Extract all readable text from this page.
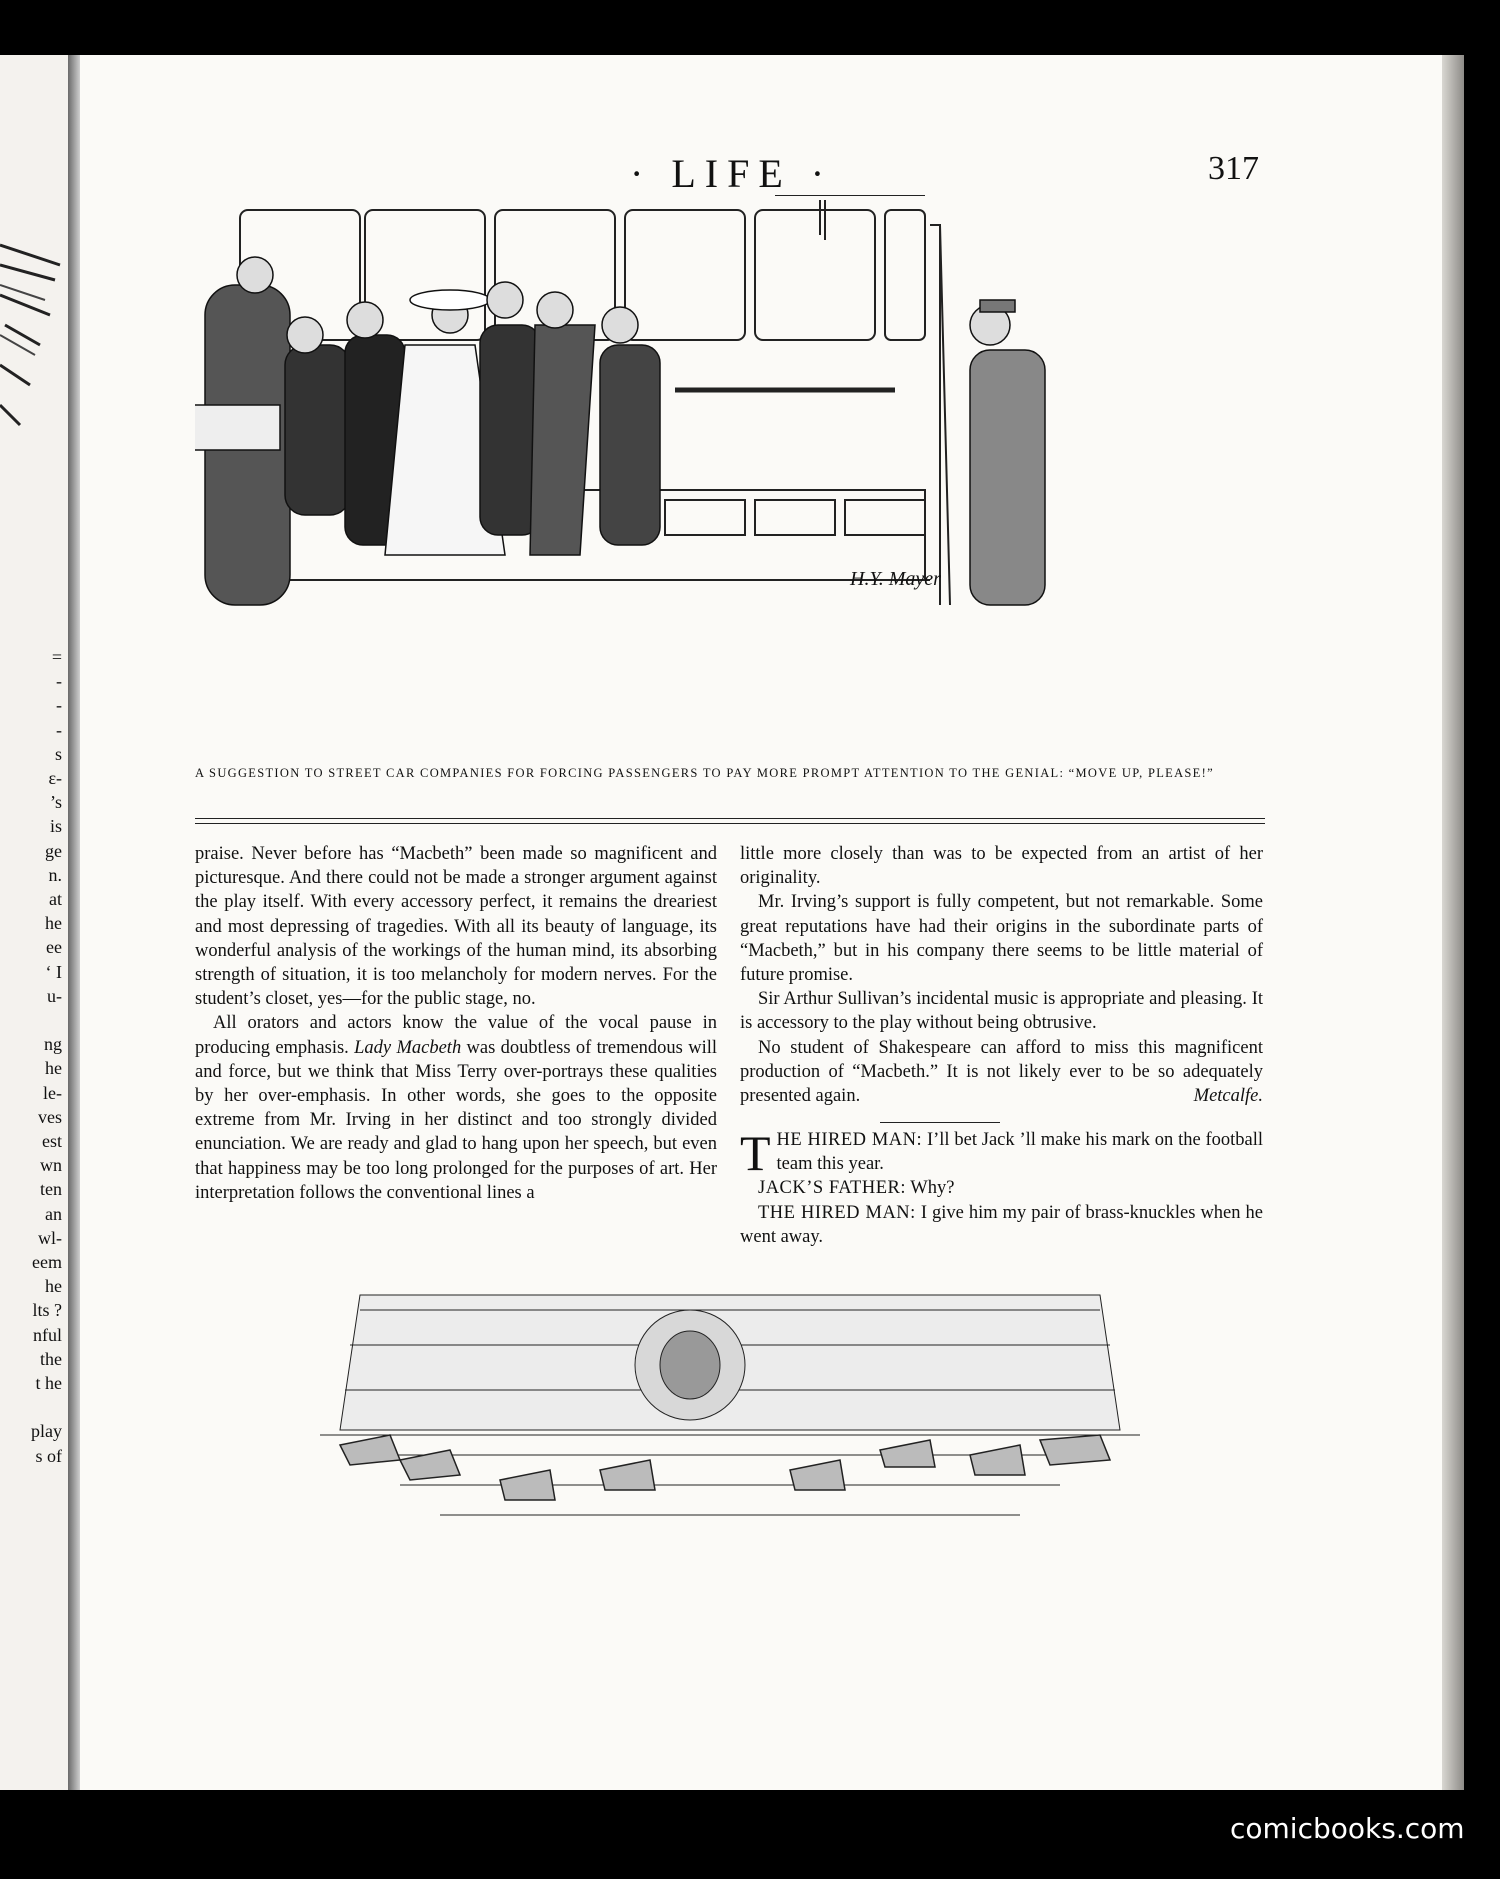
=
-
-
-
s
ε-
’s
is
ge
n.
at
he
ee
‘ I
u-
ng
he
le-
ves
est
wn
ten
an
wl-
eem
he
lts ?
nful
the
t he
play
s of
· LIFE ·	317
H.Y. Mayer
A SUGGESTION TO STREET CAR COMPANIES FOR FORCING PASSENGERS TO PAY MORE PROMPT ATTENTION TO THE GENIAL: “MOVE UP, PLEASE!”

praise. Never before has “Macbeth” been made so magnificent and picturesque. And there could not be made a stronger argument against the play itself. With every accessory perfect, it remains the dreariest and most depressing of tragedies. With all its beauty of language, its wonderful analysis of the workings of the human mind, its absorbing strength of situation, it is too melancholy for modern nerves. For the student’s closet, yes—for the public stage, no.

All orators and actors know the value of the vocal pause in producing emphasis. Lady Macbeth was doubtless of tremendous will and force, but we think that Miss Terry over-portrays these qualities by her over-emphasis. In other words, she goes to the opposite extreme from Mr. Irving in her distinct and too strongly divided enunciation. We are ready and glad to hang upon her speech, but even that happiness may be too long prolonged for the purposes of art. Her interpretation follows the conventional lines a

little more closely than was to be expected from an artist of her originality.

Mr. Irving’s support is fully competent, but not remarkable. Some great reputations have had their origins in the subordinate parts of “Macbeth,” but in his company there seems to be little material of future promise.

Sir Arthur Sullivan’s incidental music is appropriate and pleasing. It is accessory to the play without being obtrusive.

No student of Shakespeare can afford to miss this magnificent production of “Macbeth.” It is not likely ever to be so adequately presented again.	Metcalfe.

THE HIRED MAN: I’ll bet Jack ’ll make his mark on the football team this year.

JACK’S FATHER: Why?

THE HIRED MAN: I give him my pair of brass-knuckles when he went away.

comicbooks.com
